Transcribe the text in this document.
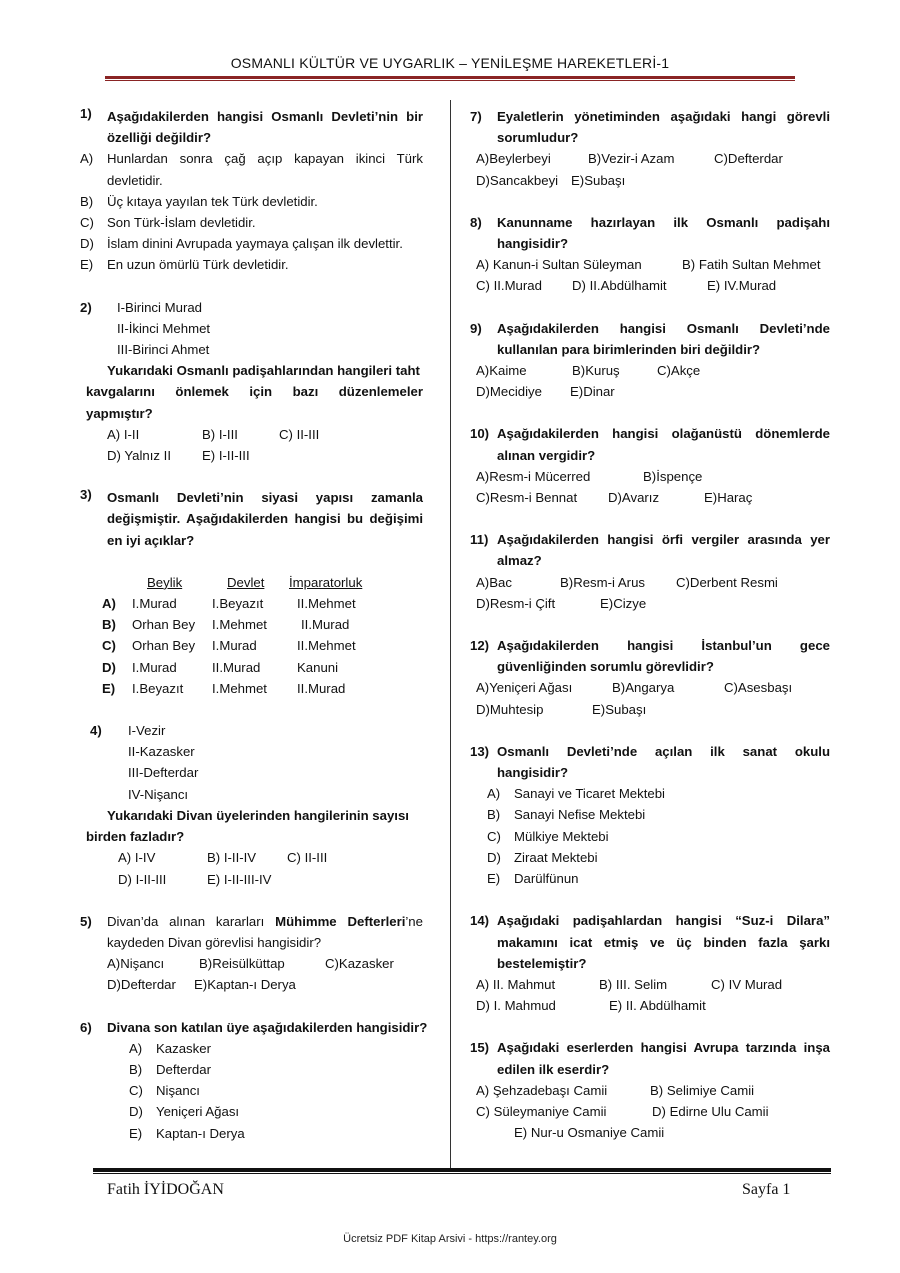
OSMANLI KÜLTÜR VE UYGARLIK – YENİLEŞME HAREKETLERİ-1
1)	Aşağıdakilerden hangisi Osmanlı Devleti’nin bir özelliği değildir?
A)	Hunlardan sonra çağ açıp kapayan ikinci Türk devletidir.
B)	Üç kıtaya yayılan tek Türk devletidir.
C) Son Türk-İslam devletidir.
D) İslam dinini Avrupada yaymaya çalışan ilk devlettir.
E)	En uzun ömürlü Türk devletidir.
2)	I-Birinci Murad
II-İkinci Mehmet
III-Birinci Ahmet
Yukarıdaki Osmanlı padişahlarından hangileri taht
kavgalarını önlemek için bazı düzenlemeler
yapmıştır?
A) I-II	B) I-III	C) II-III
D) Yalnız II	E) I-II-III
3)	Osmanlı Devleti’nin siyasi yapısı zamanla değişmiştir. Aşağıdakilerden hangisi bu değişimi en iyi açıklar?
	Beylik	Devlet	İmparatorluk
A)	I.Murad	I.Beyazıt	II.Mehmet
B)	Orhan Bey	I.Mehmet	II.Murad
C)	Orhan Bey	I.Murad	II.Mehmet
D)	I.Murad	II.Murad	Kanuni
E)	I.Beyazıt	I.Mehmet	II.Murad
4)	I-Vezir
II-Kazasker
III-Defterdar
IV-Nişancı
Yukarıdaki Divan üyelerinden hangilerinin sayısı
birden fazladır?
A) I-IV	B) I-II-IV	C) II-III
D) I-II-III	E) I-II-III-IV
5)	Divan’da alınan kararları Mühimme Defterleri’ne kaydeden Divan görevlisi hangisidir?
A)Nişancı	B)Reisülküttap	C)Kazasker
D)Defterdar	E)Kaptan-ı Derya
6)	Divana son katılan üye aşağıdakilerden hangisidir?
A)	Kazasker
B)	Defterdar
C) Nişancı
D) Yeniçeri Ağası
E)	Kaptan-ı Derya
7)	Eyaletlerin yönetiminden aşağıdaki hangi görevli sorumludur?
A)Beylerbeyi	B)Vezir-i Azam	C)Defterdar
D)Sancakbeyi E)Subaşı
8)	Kanunname hazırlayan ilk Osmanlı padişahı hangisidir?
A) Kanun-i Sultan Süleyman	B) Fatih Sultan Mehmet
C) II.Murad	D) II.Abdülhamit	E) IV.Murad
9)	Aşağıdakilerden hangisi Osmanlı Devleti’nde kullanılan para birimlerinden biri değildir?
A)Kaime	B)Kuruş	C)Akçe
D)Mecidiye	E)Dinar
10) Aşağıdakilerden hangisi olağanüstü dönemlerde alınan vergidir?
A)Resm-i Mücerred	B)İspençe
C)Resm-i Bennat	D)Avarız	E)Haraç
11) Aşağıdakilerden hangisi örfi vergiler arasında yer almaz?
A)Bac	B)Resm-i Arus	C)Derbent Resmi
D)Resm-i Çift	E)Cizye
12) Aşağıdakilerden hangisi İstanbul’un gece güvenliğinden sorumlu görevlidir?
A)Yeniçeri Ağası	B)Angarya	C)Asesbaşı
D)Muhtesip	E)Subaşı
13) Osmanlı Devleti’nde açılan ilk sanat okulu hangisidir?
A)	Sanayi ve Ticaret Mektebi
B)	Sanayi Nefise Mektebi
C) Mülkiye Mektebi
D) Ziraat Mektebi
E)	Darülfünun
14) Aşağıdaki padişahlardan hangisi “Suz-i Dilara” makamını icat etmiş ve üç binden fazla şarkı bestelemiştir?
A) II. Mahmut	B) III. Selim	C) IV Murad
D) I. Mahmud	E) II. Abdülhamit
15) Aşağıdaki eserlerden hangisi Avrupa tarzında inşa edilen ilk eserdir?
A) Şehzadebaşı Camii	B) Selimiye Camii
C) Süleymaniye Camii	D) Edirne Ulu Camii
E) Nur-u Osmaniye Camii
Fatih İYİDOĞAN	Sayfa 1
Ücretsiz PDF Kitap Arsivi - https://rantey.org
